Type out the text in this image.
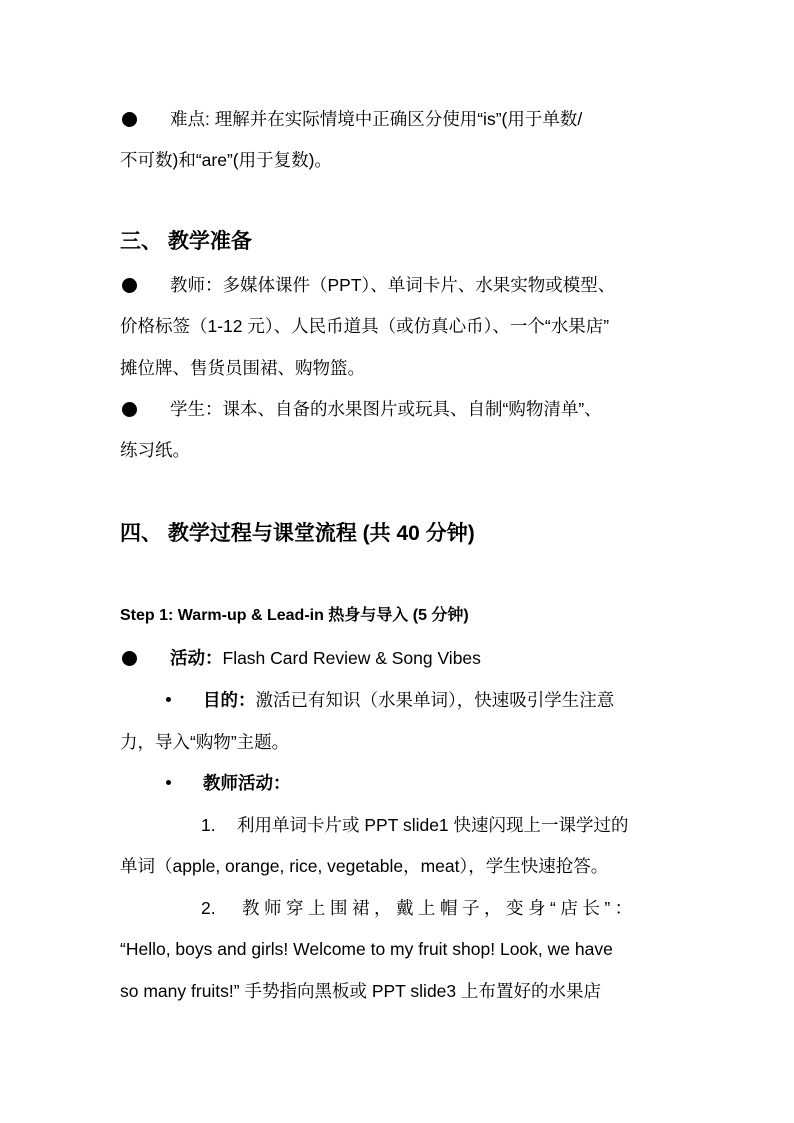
难点: 理解并在实际情境中正确区分使用“is”(用于单数/
不可数)和“are”(用于复数)。
三、 教学准备
教师：多媒体课件（PPT）、单词卡片、水果实物或模型、
价格标签（1-12 元）、人民币道具（或仿真心币）、一个“水果店”
摊位牌、售货员围裙、购物篮。
学生：课本、自备的水果图片或玩具、自制“购物清单”、
练习纸。
四、 教学过程与课堂流程 (共 40 分钟)
Step 1: Warm-up & Lead-in 热身与导入 (5 分钟)
活动：Flash Card Review & Song Vibes
目的：激活已有知识（水果单词），快速吸引学生注意
力，导入“购物”主题。
教师活动：
1. 利用单词卡片或 PPT slide1 快速闪现上一课学过的
单词（apple, orange, rice, vegetable，meat），学生快速抢答。
2. 教师穿上围裙，戴上帽子，变身“店长”：
“Hello, boys and girls! Welcome to my fruit shop! Look, we have
so many fruits!” 手势指向黑板或 PPT slide3 上布置好的水果店
